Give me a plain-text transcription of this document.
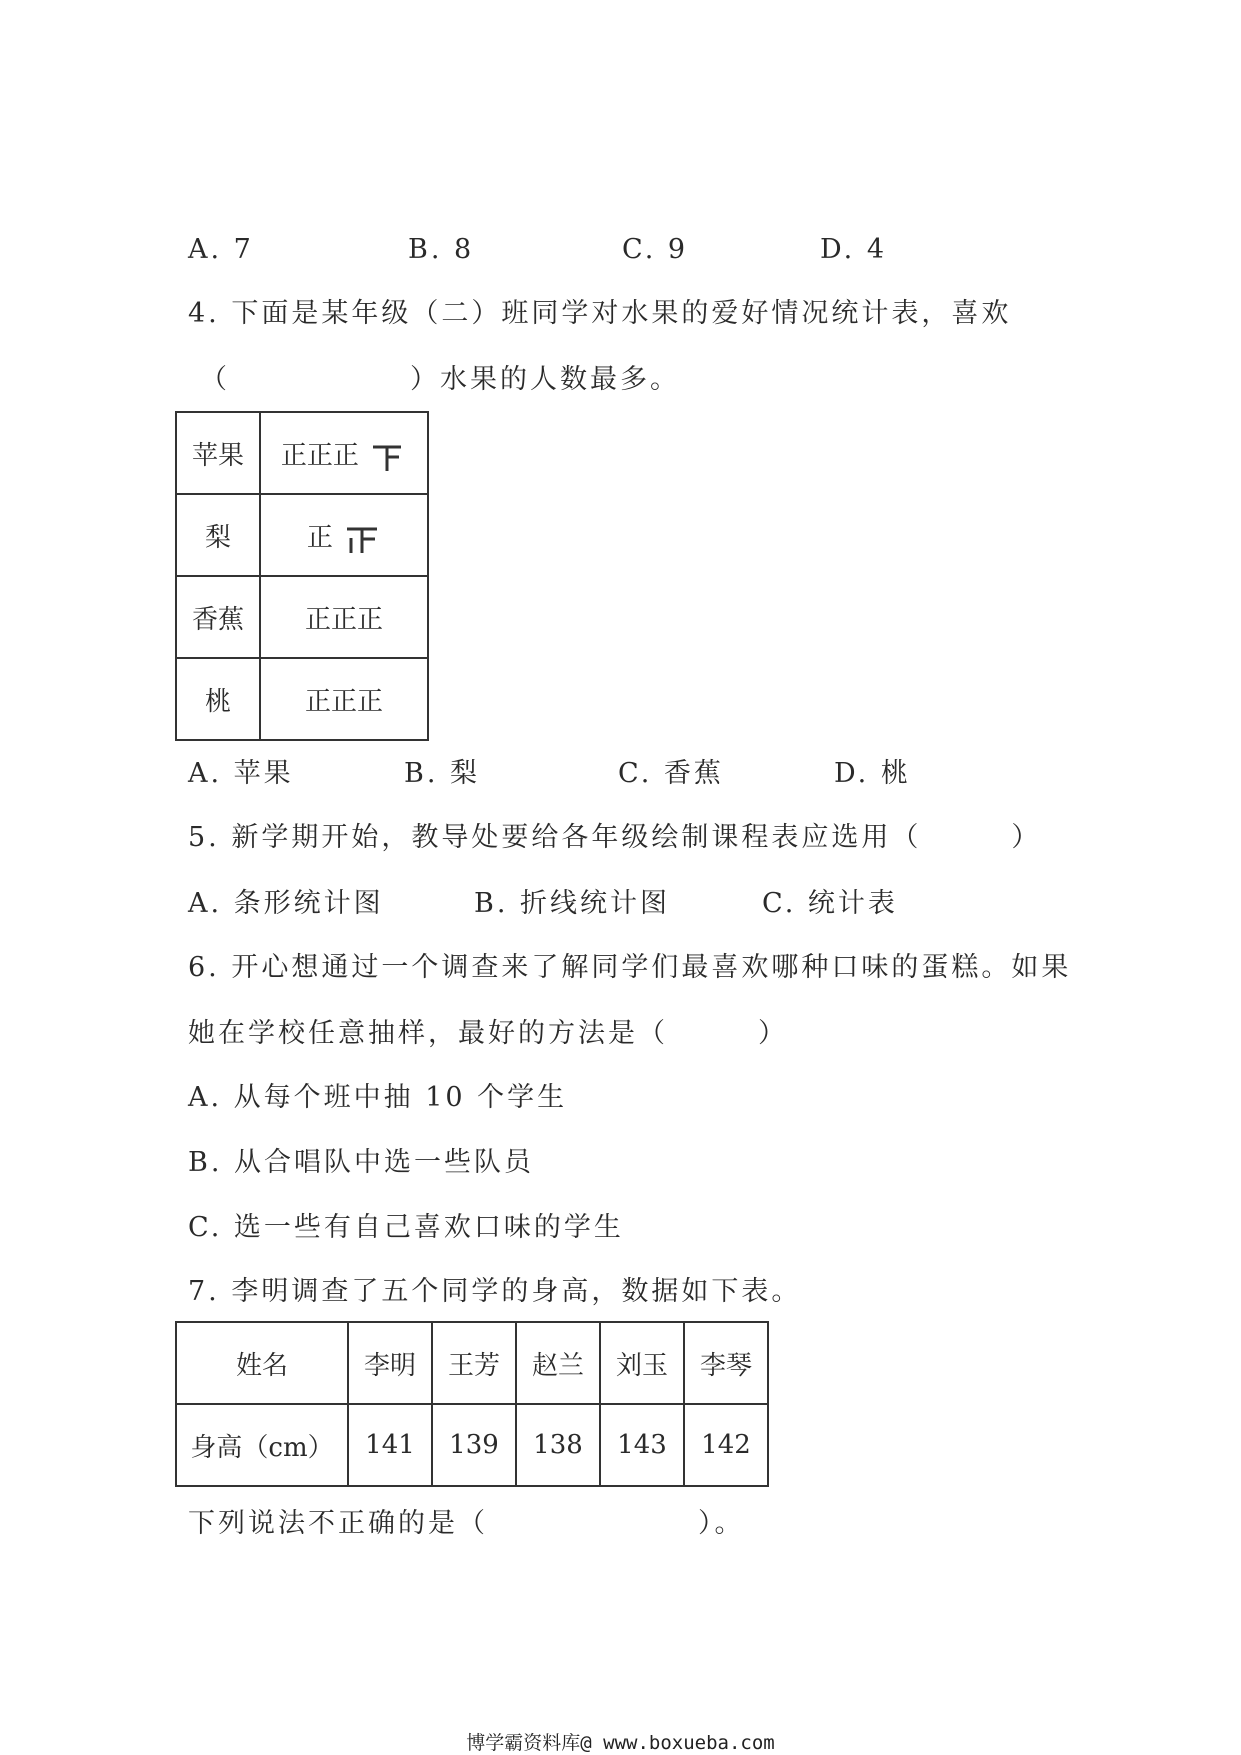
A. 7	B. 8	C. 9	D. 4
4. 下面是某年级（二）班同学对水果的爱好情况统计表，喜欢
（　　　　　　）水果的人数最多。
苹果	正正正
梨	正
香蕉	正正正
桃	正正正
A. 苹果	B. 梨	C. 香蕉	D. 桃
5. 新学期开始，教导处要给各年级绘制课程表应选用（　　　）
A. 条形统计图	B. 折线统计图	C. 统计表
6. 开心想通过一个调查来了解同学们最喜欢哪种口味的蛋糕。如果
她在学校任意抽样，最好的方法是（　　　）
A. 从每个班中抽 10 个学生
B. 从合唱队中选一些队员
C. 选一些有自己喜欢口味的学生
7. 李明调查了五个同学的身高，数据如下表。
姓名	李明	王芳	赵兰	刘玉	李琴
身高（cm）	141	139	138	143	142
下列说法不正确的是（　　　　　　　）。
博学霸资料库@ www.boxueba.com
